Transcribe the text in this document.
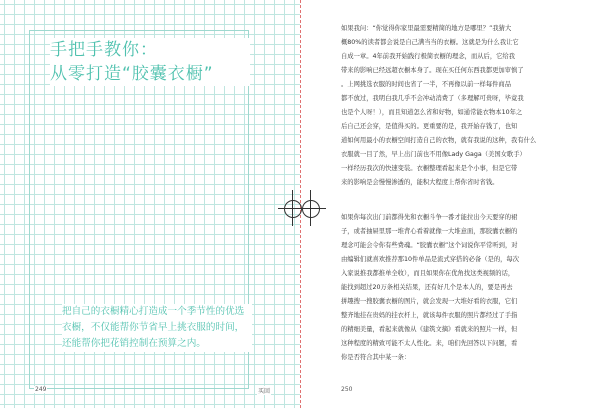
手把手教你：
从零打造“胶囊衣橱”
把自己的衣橱精心打造成一个季节性的优选
衣橱，不仅能帮你节省早上挑衣服的时间，
还能帮你把花销控制在预算之内。
249	买回
如果我问：“你觉得你家里最需要精简的地方是哪里？”我猜大
概80%的读者都会说是自己满当当的衣橱。这就是为什么我让它
自成一章。4年前我开始践行极简衣橱的理念，而从后，它给我
带来的影响已经远超衣橱本身了。现在买任何东西我都更加审慎了
。上网挑选衣服的时间也省了一半，不再像以前一样每件商品
都不放过，我明白我几乎不会冲动消费了（多理解可贵呀，毕竟我
也是个人呀！），而且知道怎么省和好物，如通常能衣物本10年之
后自己还会穿，是值得买的。更重要的是，我开始存钱了，也知
道如何用最小的衣橱空间打造自己的衣物，就有我说的这种，我有什么
衣服就一目了然，早上出门前也不用像Lady Gaga（美国女歌手）
一样经历我次的快速变装。衣橱整理看起来是个小事，但是它带
来的影响是会慢慢渗透的，能积大程度上帮你省时省钱。
如果你每次出门前都得先和衣橱斗争一番才能拉出今天要穿的裙
子，或者抽屉里那一堆背心看着就像一大堆意面，那胶囊衣橱的
理念可能会令你有些费魂。“胶囊衣橱”这个词说你平常听到，对
由编辑们就喜欢推荐那10件单品是流式穿搭的必备（是的，每次
入家说推我都推单全收），而且如果你在优角找这类视频的话，
能找到超过20万条相关结果，还有好几个是本人的，要是再去
拼趣搜一搜胶囊衣橱的图片，就会发现一大堆好看的衣服，它们
整齐地挂在贵妈的挂衣杆上，就该每件衣服的照片都经过了手指
的精细美量，看起来就像从《建筑文摘》看就来的照片一样，但
这种程度的精致可能不太人性化。来，咱们先回答以下问题，看
你是否符合其中某一条：
250
